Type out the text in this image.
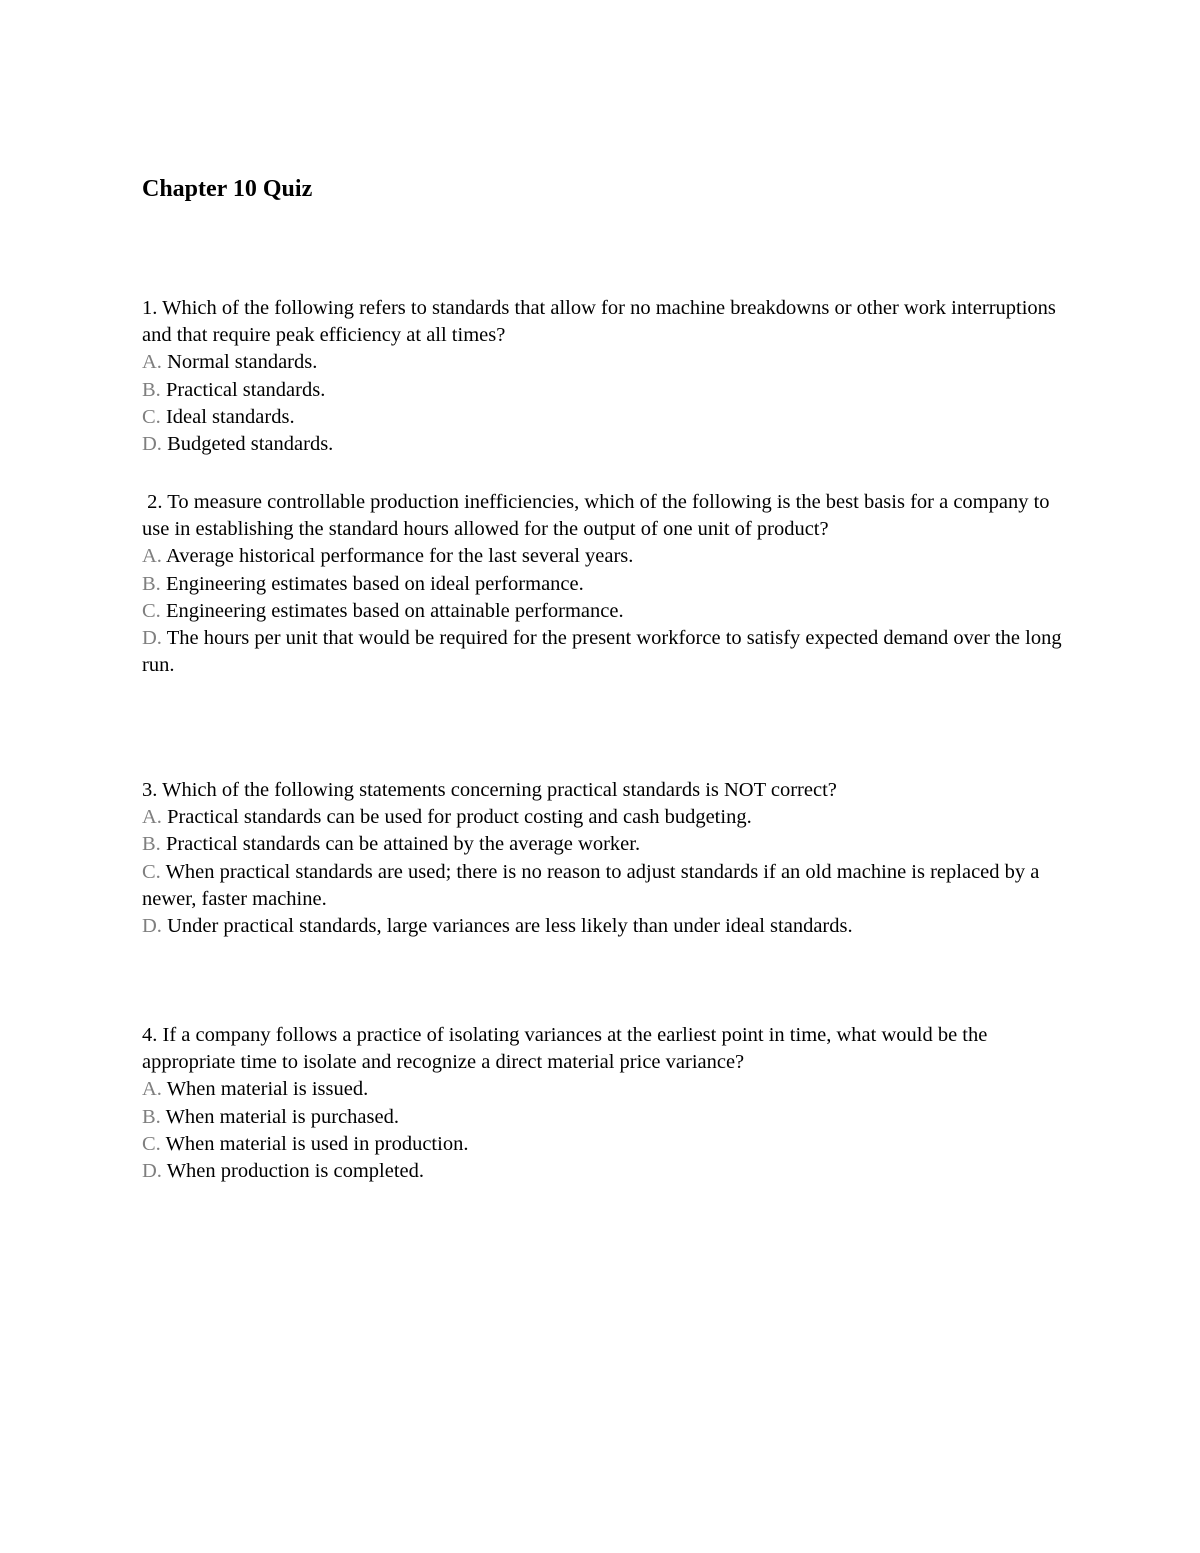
Chapter 10 Quiz

1. Which of the following refers to standards that allow for no machine breakdowns or other work interruptions and that require peak efficiency at all times?

A. Normal standards.

B. Practical standards.

C. Ideal standards.

D. Budgeted standards.

2. To measure controllable production inefficiencies, which of the following is the best basis for a company to use in establishing the standard hours allowed for the output of one unit of product?

A. Average historical performance for the last several years.

B. Engineering estimates based on ideal performance.

C. Engineering estimates based on attainable performance.

D. The hours per unit that would be required for the present workforce to satisfy expected demand over the long run.

3. Which of the following statements concerning practical standards is NOT correct?

A. Practical standards can be used for product costing and cash budgeting.

B. Practical standards can be attained by the average worker.

C. When practical standards are used; there is no reason to adjust standards if an old machine is replaced by a newer, faster machine.

D. Under practical standards, large variances are less likely than under ideal standards.

4. If a company follows a practice of isolating variances at the earliest point in time, what would be the appropriate time to isolate and recognize a direct material price variance?

A. When material is issued.

B. When material is purchased.

C. When material is used in production.

D. When production is completed.
